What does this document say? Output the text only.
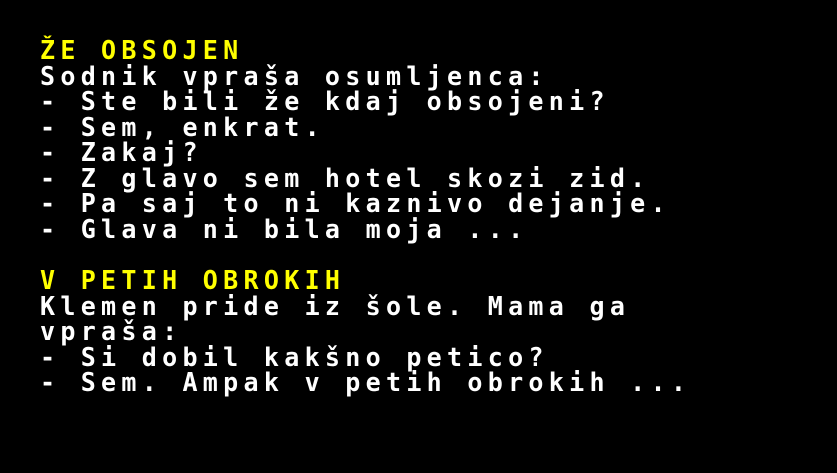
ŽE OBSOJEN
Sodnik vpraša osumljenca:
- Ste bili že kdaj obsojeni?
- Sem, enkrat.
- Zakaj?
- Z glavo sem hotel skozi zid.
- Pa saj to ni kaznivo dejanje.
- Glava ni bila moja ...
V PETIH OBROKIH
Klemen pride iz šole. Mama ga
vpraša:
- Si dobil kakšno petico?
- Sem. Ampak v petih obrokih ...
